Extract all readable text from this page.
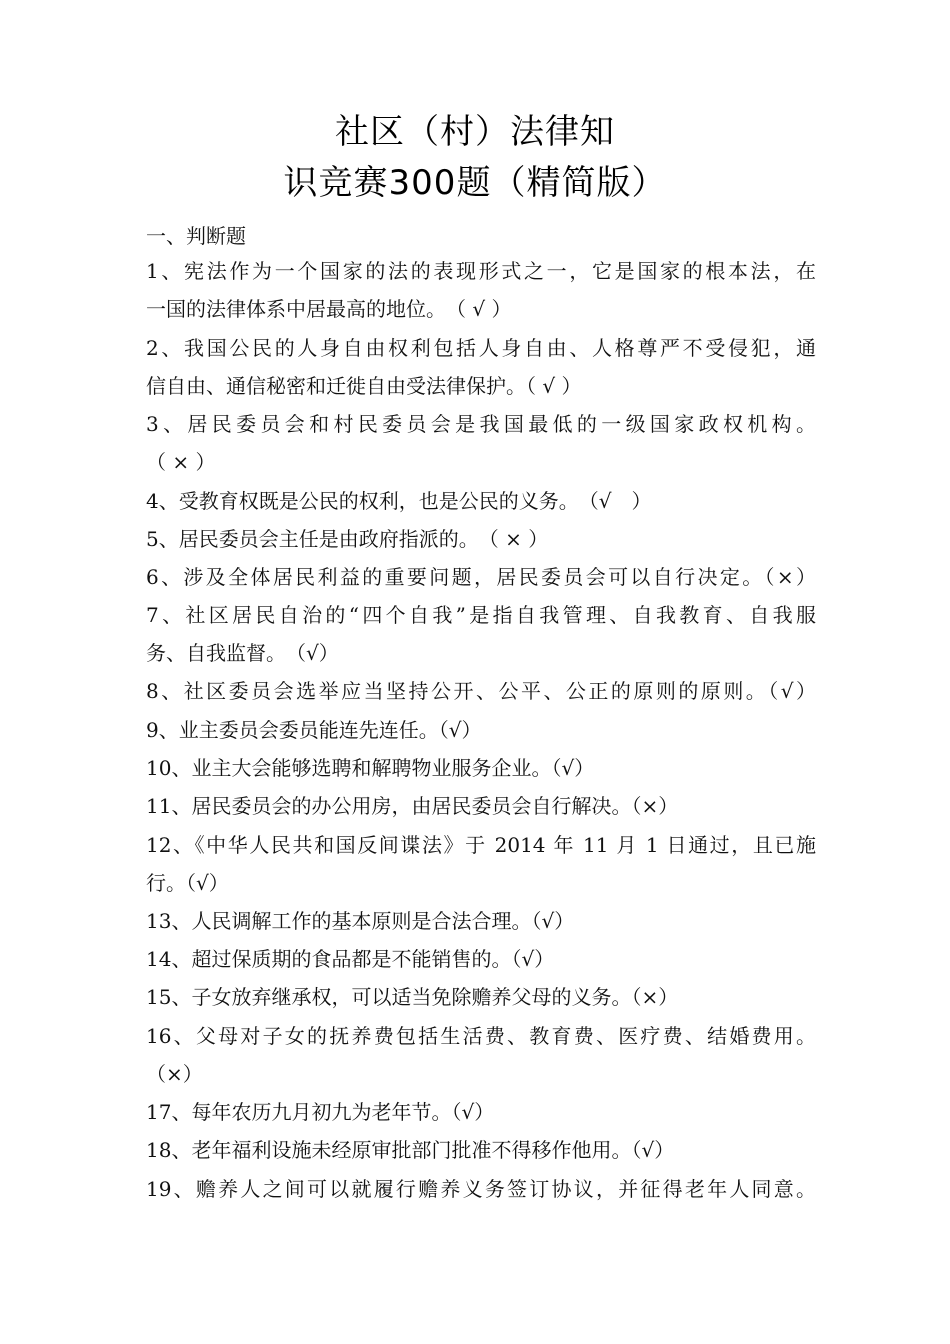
社区（村）法律知
识竞赛300题（精简版）

一、判断题

1、宪法作为一个国家的法的表现形式之一，它是国家的根本法，在

一国的法律体系中居最高的地位。　（ √ ）

2、我国公民的人身自由权利包括人身自由、人格尊严不受侵犯，通

信自由、通信秘密和迁徙自由受法律保护。（ √ ）

3、居民委员会和村民委员会是我国最低的一级国家政权机构。

（ × ）

4、受教育权既是公民的权利，也是公民的义务。　（√　）

5、居民委员会主任是由政府指派的。　（ × ）

6、涉及全体居民利益的重要问题，居民委员会可以自行决定。（×）

7、社区居民自治的“四个自我”是指自我管理、自我教育、自我服

务、自我监督。　（√）

8、社区委员会选举应当坚持公开、公平、公正的原则的原则。（√）

9、业主委员会委员能连先连任。（√）

10、业主大会能够选聘和解聘物业服务企业。（√）

11、居民委员会的办公用房，由居民委员会自行解决。（×）

12、《中华人民共和国反间谍法》于 2014 年 11 月 1 日通过，且已施

行。（√）

13、人民调解工作的基本原则是合法合理。（√）

14、超过保质期的食品都是不能销售的。（√）

15、子女放弃继承权，可以适当免除赡养父母的义务。（×）

16、父母对子女的抚养费包括生活费、教育费、医疗费、结婚费用。

（×）

17、每年农历九月初九为老年节。（√）

18、老年福利设施未经原审批部门批准不得移作他用。（√）

19、赡养人之间可以就履行赡养义务签订协议，并征得老年人同意。
